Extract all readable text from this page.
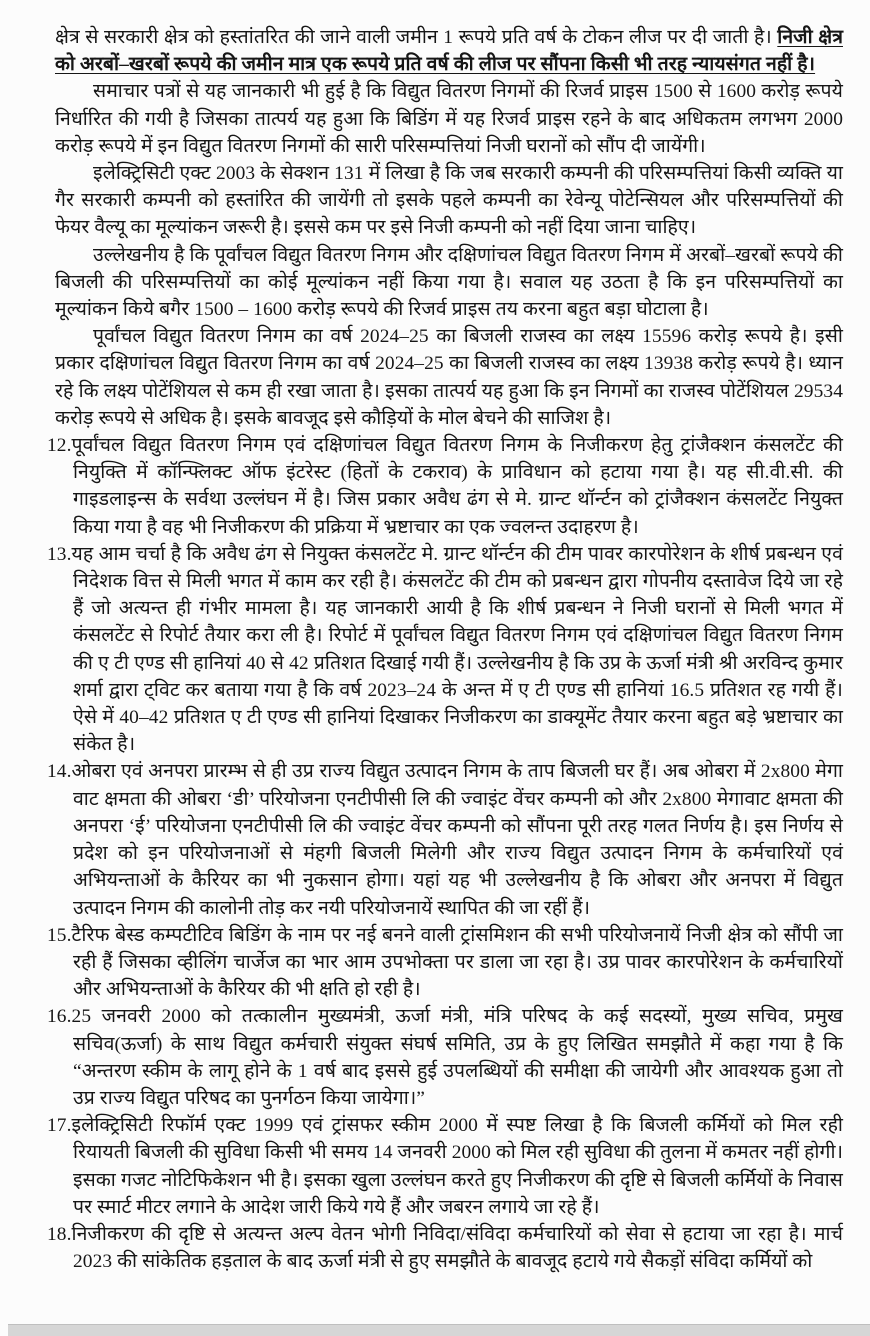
क्षेत्र से सरकारी क्षेत्र को हस्तांतरित की जाने वाली जमीन 1 रूपये प्रति वर्ष के टोकन लीज पर दी जाती है। निजी क्षेत्र को अरबों–खरबों रूपये की जमीन मात्र एक रूपये प्रति वर्ष की लीज पर सौंपना किसी भी तरह न्यायसंगत नहीं है।

समाचार पत्रों से यह जानकारी भी हुई है कि विद्युत वितरण निगमों की रिजर्व प्राइस 1500 से 1600 करोड़ रूपये निर्धारित की गयी है जिसका तात्पर्य यह हुआ कि बिडिंग में यह रिजर्व प्राइस रहने के बाद अधिकतम लगभग 2000 करोड़ रूपये में इन विद्युत वितरण निगमों की सारी परिसम्पत्तियां निजी घरानों को सौंप दी जायेंगी।

इलेक्ट्रिसिटी एक्ट 2003 के सेक्शन 131 में लिखा है कि जब सरकारी कम्पनी की परिसम्पत्तियां किसी व्यक्ति या गैर सरकारी कम्पनी को हस्तांरित की जायेंगी तो इसके पहले कम्पनी का रेवेन्यू पोटेन्सियल और परिसम्पत्तियों की फेयर वैल्यू का मूल्यांकन जरूरी है। इससे कम पर इसे निजी कम्पनी को नहीं दिया जाना चाहिए।

उल्लेखनीय है कि पूर्वांचल विद्युत वितरण निगम और दक्षिणांचल विद्युत वितरण निगम में अरबों–खरबों रूपये की बिजली की परिसम्पत्तियों का कोई मूल्यांकन नहीं किया गया है। सवाल यह उठता है कि इन परिसम्पत्तियों का मूल्यांकन किये बगैर 1500 – 1600 करोड़ रूपये की रिजर्व प्राइस तय करना बहुत बड़ा घोटाला है।

पूर्वांचल विद्युत वितरण निगम का वर्ष 2024–25 का बिजली राजस्व का लक्ष्य 15596 करोड़ रूपये है। इसी प्रकार दक्षिणांचल विद्युत वितरण निगम का वर्ष 2024–25 का बिजली राजस्व का लक्ष्य 13938 करोड़ रूपये है। ध्यान रहे कि लक्ष्य पोटेंशियल से कम ही रखा जाता है। इसका तात्पर्य यह हुआ कि इन निगमों का राजस्व पोटेंशियल 29534 करोड़ रूपये से अधिक है। इसके बावजूद इसे कौड़ियों के मोल बेचने की साजिश है।

12.पूर्वांचल विद्युत वितरण निगम एवं दक्षिणांचल विद्युत वितरण निगम के निजीकरण हेतु ट्रांजैक्शन कंसलटेंट की नियुक्ति में कॉन्फ्लिक्ट ऑफ इंटरेस्ट (हितों के टकराव) के प्राविधान को हटाया गया है। यह सी.वी.सी. की गाइडलाइन्स के सर्वथा उल्लंघन में है। जिस प्रकार अवैध ढंग से मे. ग्रान्ट थॉर्न्टन को ट्रांजैक्शन कंसलटेंट नियुक्त किया गया है वह भी निजीकरण की प्रक्रिया में भ्रष्टाचार का एक ज्वलन्त उदाहरण है।

13.यह आम चर्चा है कि अवैध ढंग से नियुक्त कंसलटेंट मे. ग्रान्ट थॉर्न्टन की टीम पावर कारपोरेशन के शीर्ष प्रबन्धन एवं निदेशक वित्त से मिली भगत में काम कर रही है। कंसलटेंट की टीम को प्रबन्धन द्वारा गोपनीय दस्तावेज दिये जा रहे हैं जो अत्यन्त ही गंभीर मामला है। यह जानकारी आयी है कि शीर्ष प्रबन्धन ने निजी घरानों से मिली भगत में कंसलटेंट से रिपोर्ट तैयार करा ली है। रिपोर्ट में पूर्वांचल विद्युत वितरण निगम एवं दक्षिणांचल विद्युत वितरण निगम की ए टी एण्ड सी हानियां 40 से 42 प्रतिशत दिखाई गयी हैं। उल्लेखनीय है कि उप्र के ऊर्जा मंत्री श्री अरविन्द कुमार शर्मा द्वारा ट्विट कर बताया गया है कि वर्ष 2023–24 के अन्त में ए टी एण्ड सी हानियां 16.5 प्रतिशत रह गयी हैं। ऐसे में 40–42 प्रतिशत ए टी एण्ड सी हानियां दिखाकर निजीकरण का डाक्यूमेंट तैयार करना बहुत बड़े भ्रष्टाचार का संकेत है।

14.ओबरा एवं अनपरा प्रारम्भ से ही उप्र राज्य विद्युत उत्पादन निगम के ताप बिजली घर हैं। अब ओबरा में 2x800 मेगा वाट क्षमता की ओबरा ‘डी’ परियोजना एनटीपीसी लि की ज्वाइंट वेंचर कम्पनी को और 2x800 मेगावाट क्षमता की अनपरा ‘ई’ परियोजना एनटीपीसी लि की ज्वाइंट वेंचर कम्पनी को सौंपना पूरी तरह गलत निर्णय है। इस निर्णय से प्रदेश को इन परियोजनाओं से मंहगी बिजली मिलेगी और राज्य विद्युत उत्पादन निगम के कर्मचारियों एवं अभियन्ताओं के कैरियर का भी नुकसान होगा। यहां यह भी उल्लेखनीय है कि ओबरा और अनपरा में विद्युत उत्पादन निगम की कालोनी तोड़ कर नयी परियोजनायें स्थापित की जा रहीं हैं।

15.टैरिफ बेस्ड कम्पटीटिव बिडिंग के नाम पर नई बनने वाली ट्रांसमिशन की सभी परियोजनायें निजी क्षेत्र को सौंपी जा रही हैं जिसका व्हीलिंग चार्जेज का भार आम उपभोक्ता पर डाला जा रहा है। उप्र पावर कारपोरेशन के कर्मचारियों और अभियन्ताओं के कैरियर की भी क्षति हो रही है।

16.25 जनवरी 2000 को तत्कालीन मुख्यमंत्री, ऊर्जा मंत्री, मंत्रि परिषद के कई सदस्यों, मुख्य सचिव, प्रमुख सचिव(ऊर्जा) के साथ विद्युत कर्मचारी संयुक्त संघर्ष समिति, उप्र के हुए लिखित समझौते में कहा गया है कि “अन्तरण स्कीम के लागू होने के 1 वर्ष बाद इससे हुई उपलब्धियों की समीक्षा की जायेगी और आवश्यक हुआ तो उप्र राज्य विद्युत परिषद का पुनर्गठन किया जायेगा।”

17.इलेक्ट्रिसिटी रिफॉर्म एक्ट 1999 एवं ट्रांसफर स्कीम 2000 में स्पष्ट लिखा है कि बिजली कर्मियों को मिल रही रियायती बिजली की सुविधा किसी भी समय 14 जनवरी 2000 को मिल रही सुविधा की तुलना में कमतर नहीं होगी। इसका गजट नोटिफिकेशन भी है। इसका खुला उल्लंघन करते हुए निजीकरण की दृष्टि से बिजली कर्मियों के निवास पर स्मार्ट मीटर लगाने के आदेश जारी किये गये हैं और जबरन लगाये जा रहे हैं।

18.निजीकरण की दृष्टि से अत्यन्त अल्प वेतन भोगी निविदा/संविदा कर्मचारियों को सेवा से हटाया जा रहा है। मार्च 2023 की सांकेतिक हड़ताल के बाद ऊर्जा मंत्री से हुए समझौते के बावजूद हटाये गये सैकड़ों संविदा कर्मियों को
